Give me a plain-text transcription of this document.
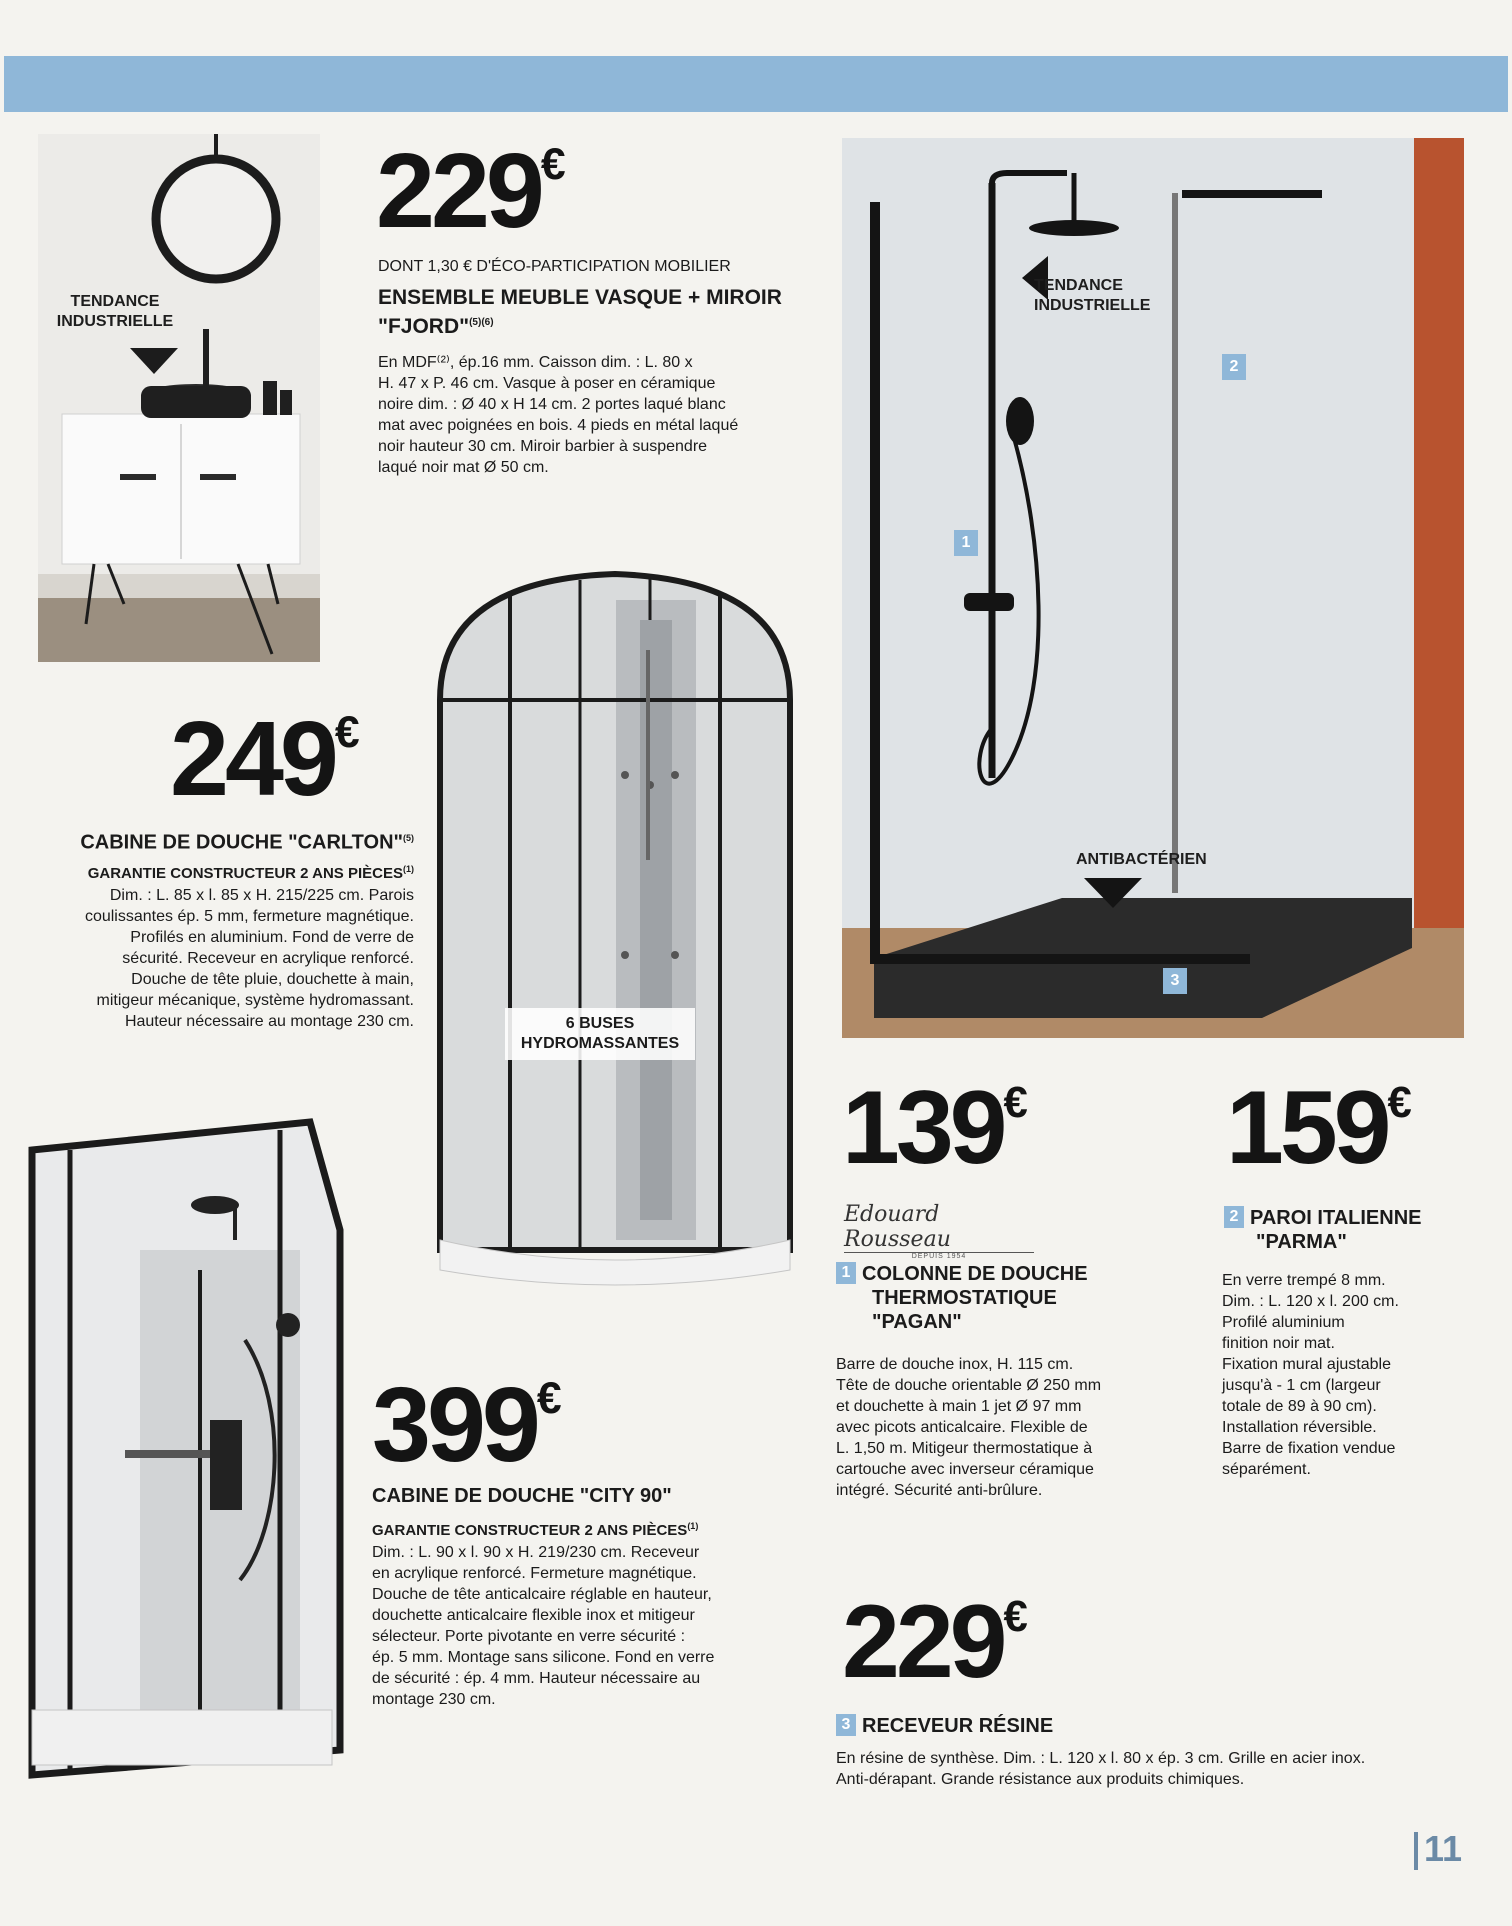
TENDANCE
INDUSTRIELLE
229€
DONT 1,30 € D'ÉCO-PARTICIPATION MOBILIER
ENSEMBLE MEUBLE VASQUE + MIROIR
"FJORD"$^{(5)(6)}$
En MDF⁽²⁾, ép.16 mm. Caisson dim. : L. 80 x
H. 47 x P. 46 cm. Vasque à poser en céramique
noire dim. : Ø 40 x H 14 cm. 2 portes laqué blanc
mat avec poignées en bois. 4 pieds en métal laqué
noir hauteur 30 cm. Miroir barbier à suspendre
laqué noir mat Ø 50 cm.
249€
CABINE DE DOUCHE "CARLTON"$^{(5)}$
GARANTIE CONSTRUCTEUR 2 ANS PIÈCES$^{(1)}$
Dim. : L. 85 x l. 85 x H. 215/225 cm. Parois
coulissantes ép. 5 mm, fermeture magnétique.
Profilés en aluminium. Fond de verre de
sécurité. Receveur en acrylique renforcé.
Douche de tête pluie, douchette à main,
mitigeur mécanique, système hydromassant.
Hauteur nécessaire au montage 230 cm.	6 BUSES
HYDROMASSANTES
399€
CABINE DE DOUCHE "CITY 90"
GARANTIE CONSTRUCTEUR 2 ANS PIÈCES$^{(1)}$
Dim. : L. 90 x l. 90 x H. 219/230 cm. Receveur
en acrylique renforcé. Fermeture magnétique.
Douche de tête anticalcaire réglable en hauteur,
douchette anticalcaire flexible inox et mitigeur
sélecteur. Porte pivotante en verre sécurité :
ép. 5 mm. Montage sans silicone. Fond en verre
de sécurité : ép. 4 mm. Hauteur nécessaire au
montage 230 cm.
TENDANCE
INDUSTRIELLE
ANTIBACTÉRIEN
1
2
3
139€
Edouard Rousseau
DEPUIS 1954
1 COLONNE DE DOUCHE
THERMOSTATIQUE
"PAGAN"
Barre de douche inox, H. 115 cm.
Tête de douche orientable Ø 250 mm
et douchette à main 1 jet Ø 97 mm
avec picots anticalcaire. Flexible de
L. 1,50 m. Mitigeur thermostatique à
cartouche avec inverseur céramique
intégré. Sécurité anti-brûlure.
159€
2 PAROI ITALIENNE
"PARMA"
En verre trempé 8 mm.
Dim. : L. 120 x l. 200 cm.
Profilé aluminium
finition noir mat.
Fixation mural ajustable
jusqu'à - 1 cm (largeur
totale de 89 à 90 cm).
Installation réversible.
Barre de fixation vendue
séparément.
229€
3 RECEVEUR RÉSINE
En résine de synthèse. Dim. : L. 120 x l. 80 x ép. 3 cm. Grille en acier inox.
Anti-dérapant. Grande résistance aux produits chimiques.
11
